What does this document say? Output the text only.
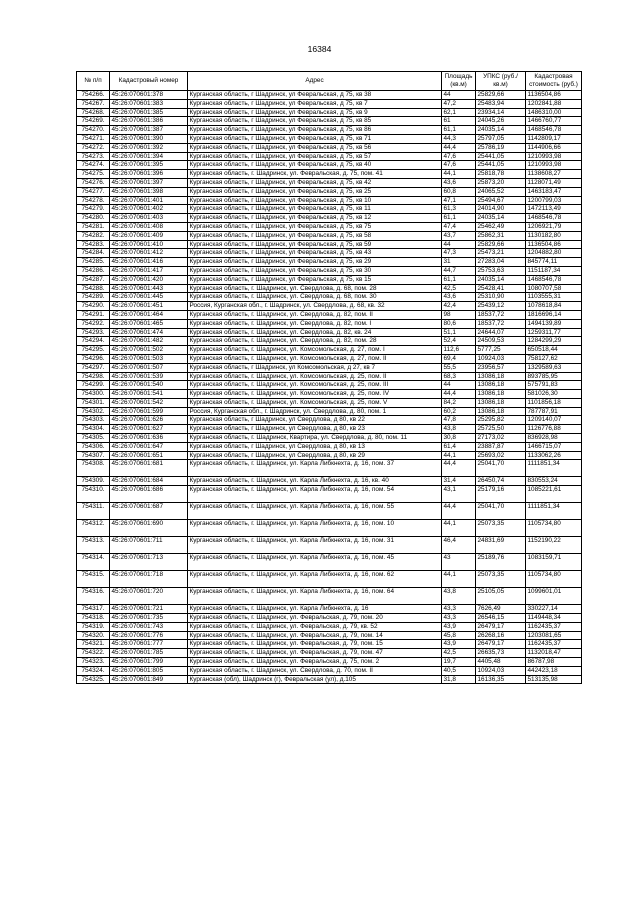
16384
№ п/п	Кадастровый номер	Адрес	Площадь (кв.м)	УПКС (руб./кв.м)	Кадастровая стоимость (руб.)
754266.	45:26:070601:378	Курганская область, г Шадринск, ул Февральская, д 75, кв 38	44	25829,66	1136504,86
754267.	45:26:070601:383	Курганская область, г Шадринск, ул Февральская, д 75, кв 7	47,2	25483,94	1202841,88
754268.	45:26:070601:385	Курганская область, г Шадринск, ул Февральская, д 75, кв 9	62,1	23934,14	1486310,00
754269.	45:26:070601:386	Курганская область, г Шадринск, ул Февральская, д 75, кв 85	61	24045,26	1466760,77
754270.	45:26:070601:387	Курганская область, г Шадринск, ул Февральская, д 75, кв 86	61,1	24035,14	1468546,78
754271.	45:26:070601:390	Курганская область, г Шадринск, ул Февральская, д 75, кв 71	44,3	25797,05	1142809,17
754272.	45:26:070601:392	Курганская область, г Шадринск, ул Февральская, д 75, кв 56	44,4	25786,19	1144906,66
754273.	45:26:070601:394	Курганская область, г Шадринск, ул Февральская, д 75, кв 57	47,6	25441,05	1210993,98
754274.	45:26:070601:395	Курганская область, г Шадринск, ул Февральская, д 75, кв 40	47,6	25441,05	1210993,98
754275.	45:26:070601:396	Курганская область, г. Шадринск, ул. Февральская, д. 75, пом. 41	44,1	25818,78	1138608,27
754276.	45:26:070601:397	Курганская область, г Шадринск, ул Февральская, д 75, кв 42	43,6	25873,20	1128071,49
754277.	45:26:070601:398	Курганская область, г Шадринск, ул Февральская, д 75, кв 25	60,8	24065,52	1463183,47
754278.	45:26:070601:401	Курганская область, г Шадринск, ул Февральская, д 75, кв 10	47,1	25494,67	1200799,03
754279.	45:26:070601:402	Курганская область, г Шадринск, ул Февральская, д 75, кв 11	61,3	24014,90	1472113,49
754280.	45:26:070601:403	Курганская область, г Шадринск, ул Февральская, д 75, кв 12	61,1	24035,14	1468546,78
754281.	45:26:070601:408	Курганская область, г Шадринск, ул Февральская, д 75, кв 75	47,4	25462,49	1206921,79
754282.	45:26:070601:409	Курганская область, г Шадринск, ул Февральская, д 75, кв 58	43,7	25862,31	1130182,80
754283.	45:26:070601:410	Курганская область, г Шадринск, ул Февральская, д 75, кв 59	44	25829,66	1136504,86
754284.	45:26:070601:412	Курганская область, г Шадринск, ул Февральская, д 75, кв 43	47,3	25473,21	1204882,80
754285.	45:26:070601:416	Курганская область, г Шадринск, ул Февральская, д 75, кв 29	31	27283,04	845774,11
754286.	45:26:070601:417	Курганская область, г Шадринск, ул Февральская, д 75, кв 30	44,7	25753,63	1151187,34
754287.	45:26:070601:420	Курганская область, г Шадринск, ул Февральская, д 75, кв 15	61,1	24035,14	1468546,78
754288.	45:26:070601:443	Курганская область, г. Шадринск, ул. Свердлова, д. 68, пом. 28	42,5	25428,41	1080707,58
754289.	45:26:070601:445	Курганская область, г. Шадринск, ул. Свердлова, д. 68, пом. 30	43,6	25310,90	1103555,31
754290.	45:26:070601:451	Россия, Курганская обл., г. Шадринск, ул. Свердлова, д. 68, кв. 32	42,4	25439,12	1078618,84
754291.	45:26:070601:464	Курганская область, г. Шадринск, ул. Свердлова, д. 82, пом. II	98	18537,72	1816696,14
754292.	45:26:070601:465	Курганская область, г. Шадринск, ул. Свердлова, д. 82, пом. I	80,6	18537,72	1494139,89
754293.	45:26:070601:474	Курганская область, г. Шадринск, ул. Свердлова, д. 82, кв. 24	51,1	24644,07	1259311,77
754294.	45:26:070601:482	Курганская область, г. Шадринск, ул. Свердлова, д. 82, пом. 28	52,4	24509,53	1284299,29
754295.	45:26:070601:502	Курганская область, г. Шадринск, ул. Комсомольская, д. 27, пом. I	112,6	5777,25	650518,44
754296.	45:26:070601:503	Курганская область, г. Шадринск, ул. Комсомольская, д. 27, пом. II	69,4	10924,03	758127,62
754297.	45:26:070601:507	Курганская область, г Шадринск, ул Комсомольская, д 27, кв 7	55,5	23956,57	1329589,63
754298.	45:26:070601:539	Курганская область, г. Шадринск, ул. Комсомольская, д. 25, пом. II	68,3	13086,18	893785,95
754299.	45:26:070601:540	Курганская область, г. Шадринск, ул. Комсомольская, д. 25, пом. III	44	13086,18	575791,83
754300.	45:26:070601:541	Курганская область, г. Шадринск, ул. Комсомольская, д. 25, пом. IV	44,4	13086,18	581026,30
754301.	45:26:070601:542	Курганская область, г. Шадринск, ул. Комсомольская, д. 25, пом. V	84,2	13086,18	1101856,18
754302.	45:26:070601:599	Россия, Курганская обл., г. Шадринск, ул. Свердлова, д. 80, пом. 1	60,2	13086,18	787787,91
754303.	45:26:070601:626	Курганская область, г Шадринск, ул Свердлова, д 80, кв 22	47,8	25295,82	1209140,07
754304.	45:26:070601:627	Курганская область, г Шадринск, ул Свердлова, д 80, кв 23	43,8	25725,50	1126776,88
754305.	45:26:070601:636	Курганская область, г. Шадринск, Квартира, ул. Свердлова, д. 80, пом. 11	30,8	27173,02	836928,98
754306.	45:26:070601:647	Курганская область, г Шадринск, ул Свердлова, д 80, кв 13	61,4	23887,87	1466715,07
754307.	45:26:070601:651	Курганская область, г Шадринск, ул Свердлова, д 80, кв 29	44,1	25693,02	1133062,26
754308.	45:26:070601:681	Курганская область, г. Шадринск, ул. Карла Либкнехта, д. 16, пом. 37	44,4	25041,70	1111851,34
754309.	45:26:070601:684	Курганская область, г. Шадринск, ул. Карла Либкнехта, д. 16, кв. 40	31,4	26450,74	830553,24
754310.	45:26:070601:686	Курганская область, г. Шадринск, ул. Карла Либкнехта, д. 16, пом. 54	43,1	25179,16	1085221,61
754311.	45:26:070601:687	Курганская область, г. Шадринск, ул. Карла Либкнехта, д. 16, пом. 55	44,4	25041,70	1111851,34
754312.	45:26:070601:690	Курганская область, г. Шадринск, ул. Карла Либкнехта, д. 16, пом. 10	44,1	25073,35	1105734,80
754313.	45:26:070601:711	Курганская область, г. Шадринск, ул. Карла Либкнехта, д. 16, пом. 31	46,4	24831,69	1152190,22
754314.	45:26:070601:713	Курганская область, г. Шадринск, ул. Карла Либкнехта, д. 16, пом. 45	43	25189,76	1083159,71
754315.	45:26:070601:718	Курганская область, г. Шадринск, ул. Карла Либкнехта, д. 16, пом. 62	44,1	25073,35	1105734,80
754316.	45:26:070601:720	Курганская область, г. Шадринск, ул. Карла Либкнехта, д. 16, пом. 64	43,8	25105,05	1099601,01
754317.	45:26:070601:721	Курганская область, г. Шадринск, ул. Карла Либкнехта, д. 16	43,3	7626,49	330227,14
754318.	45:26:070601:735	Курганская область, г. Шадринск, ул. Февральская, д. 79, пом. 20	43,3	26546,15	1149448,34
754319.	45:26:070601:743	Курганская область, г. Шадринск, ул. Февральская, д. 79, кв. 52	43,9	26479,17	1162435,37
754320.	45:26:070601:776	Курганская область, г. Шадринск, ул. Февральская, д. 79, пом. 14	45,8	26268,16	1203081,65
754321.	45:26:070601:777	Курганская область, г. Шадринск, ул. Февральская, д. 79, пом. 15	43,9	26479,17	1162435,37
754322.	45:26:070601:785	Курганская область, г. Шадринск, ул. Февральская, д. 79, пом. 47	42,5	26635,73	1132018,47
754323.	45:26:070601:799	Курганская область, г. Шадринск, ул. Февральская, д. 75, пом. 2	19,7	4405,48	86787,98
754324.	45:26:070601:805	Курганская область, г. Шадринск, ул. Свердлова, д. 70, пом. II	40,5	10924,03	442423,18
754325.	45:26:070601:849	Курганская (обл), Шадринск (г), Февральская (ул), д.105	31,8	16136,35	513135,98
